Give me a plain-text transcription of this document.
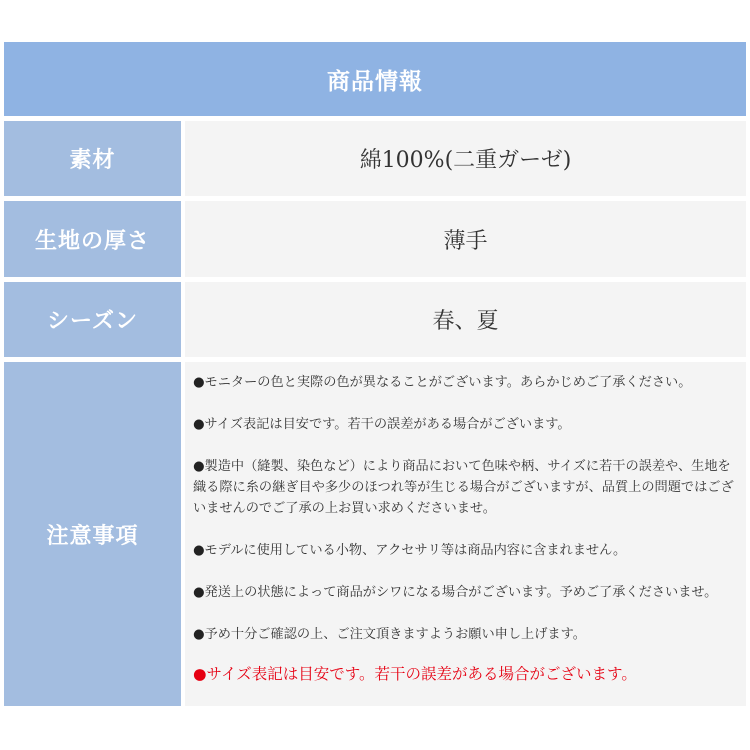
商品情報
素材	綿100%(二重ガーゼ)
生地の厚さ	薄手
シーズン	春、夏
注意事項

●モニターの色と実際の色が異なることがございます。あらかじめご了承ください。

●サイズ表記は目安です。若干の誤差がある場合がございます。

●製造中（縫製、染色など）により商品において色味や柄、サイズに若干の誤差や、生地を織る際に糸の継ぎ目や多少のほつれ等が生じる場合がございますが、品質上の問題ではございませんのでご了承の上お買い求めくださいませ。

●モデルに使用している小物、アクセサリ等は商品内容に含まれません。

●発送上の状態によって商品がシワになる場合がございます。予めご了承くださいませ。

●予め十分ご確認の上、ご注文頂きますようお願い申し上げます。

●サイズ表記は目安です。若干の誤差がある場合がございます。
